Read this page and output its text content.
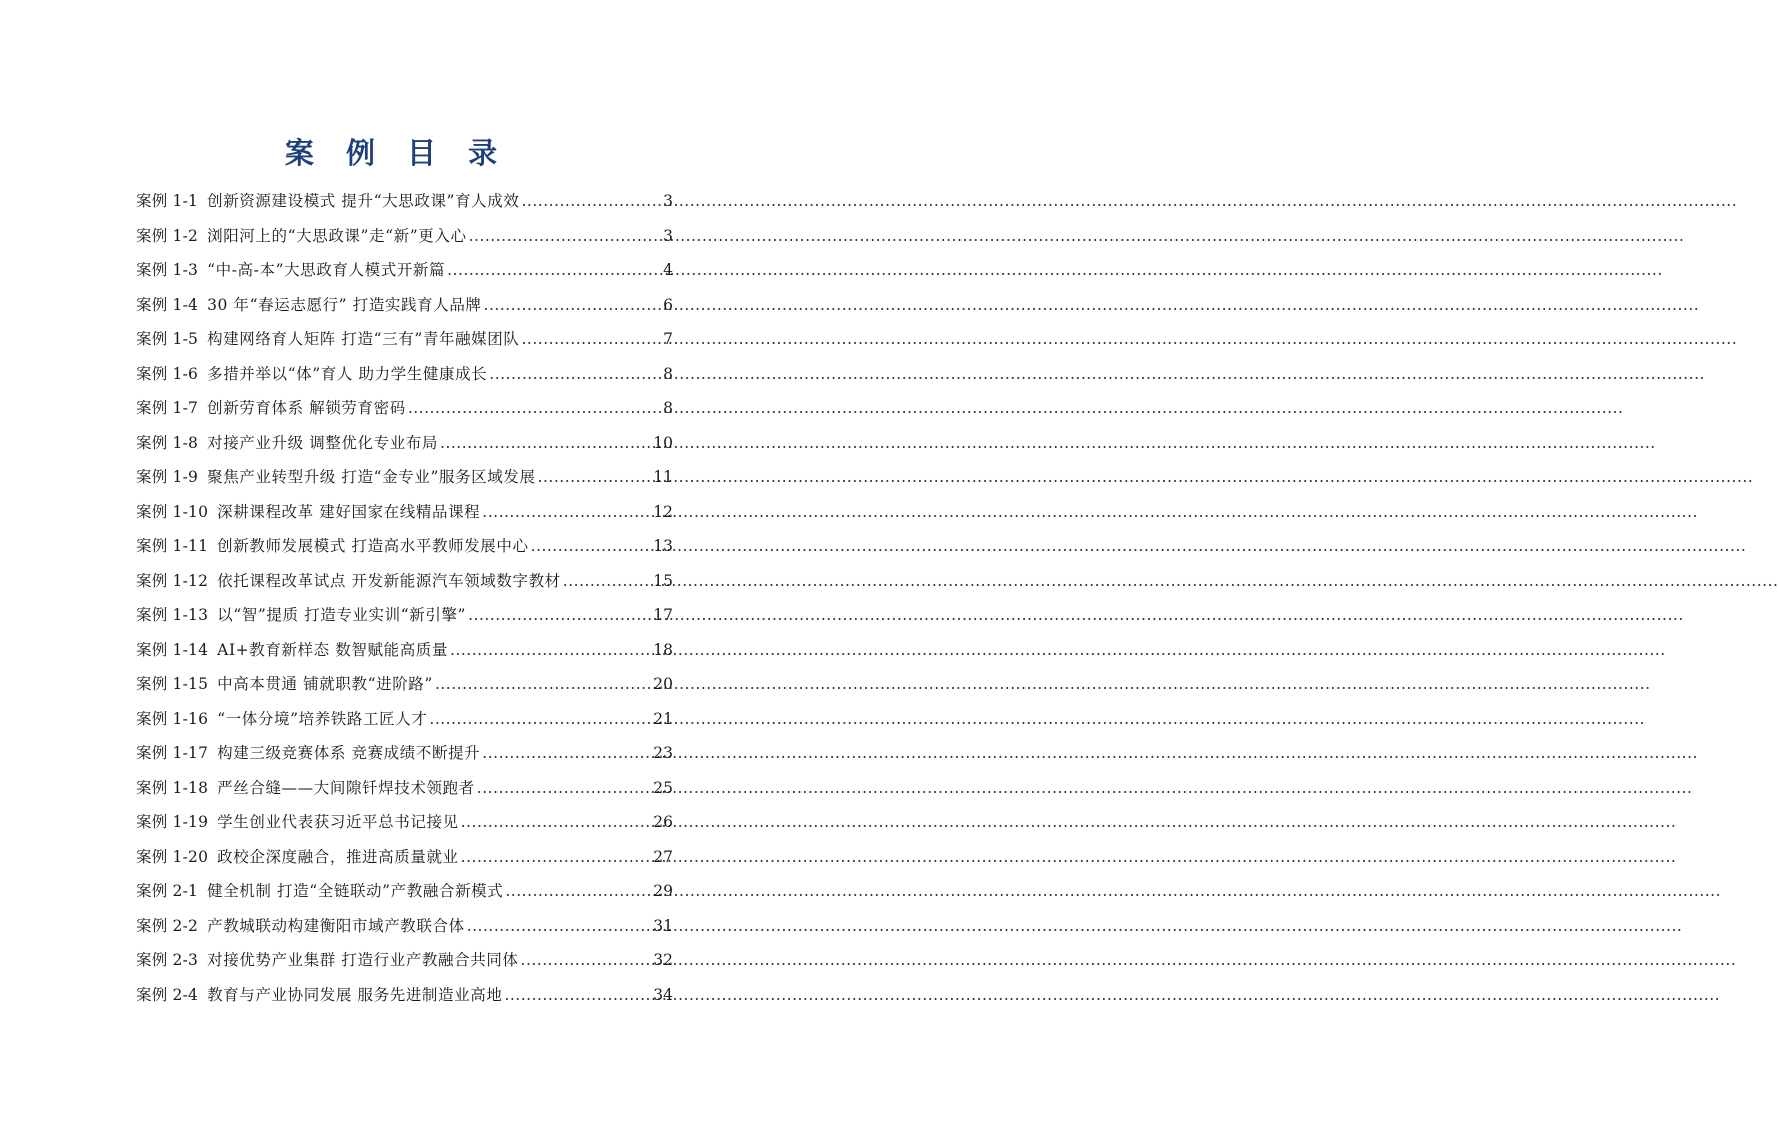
案 例 目 录
案例 1-1 创新资源建设模式 提升“大思政课”育人成效 .....	3
案例 1-2 浏阳河上的“大思政课”走“新”更入心 .....	3
案例 1-3 “中-高-本”大思政育人模式开新篇 .....	4
案例 1-4 30 年“春运志愿行” 打造实践育人品牌 .....	6
案例 1-5 构建网络育人矩阵 打造“三有”青年融媒团队 .....	7
案例 1-6 多措并举以“体”育人 助力学生健康成长 .....	8
案例 1-7 创新劳育体系 解锁劳育密码 .....	8
案例 1-8 对接产业升级 调整优化专业布局 .....	10
案例 1-9 聚焦产业转型升级 打造“金专业”服务区域发展 .....	11
案例 1-10 深耕课程改革 建好国家在线精品课程 .....	12
案例 1-11 创新教师发展模式 打造高水平教师发展中心 .....	13
案例 1-12 依托课程改革试点 开发新能源汽车领域数字教材 .....	15
案例 1-13 以“智”提质 打造专业实训“新引擎” .....	17
案例 1-14 AI+教育新样态 数智赋能高质量 .....	18
案例 1-15 中高本贯通 铺就职教“进阶路” .....	20
案例 1-16 “一体分境”培养铁路工匠人才 .....	21
案例 1-17 构建三级竞赛体系 竞赛成绩不断提升 .....	23
案例 1-18 严丝合缝——大间隙钎焊技术领跑者 .....	25
案例 1-19 学生创业代表获习近平总书记接见 .....	26
案例 1-20 政校企深度融合，推进高质量就业 .....	27
案例 2-1 健全机制 打造“全链联动”产教融合新模式 .....	29
案例 2-2 产教城联动构建衡阳市域产教联合体 .....	31
案例 2-3 对接优势产业集群 打造行业产教融合共同体 .....	32
案例 2-4 教育与产业协同发展 服务先进制造业高地 .....	34
